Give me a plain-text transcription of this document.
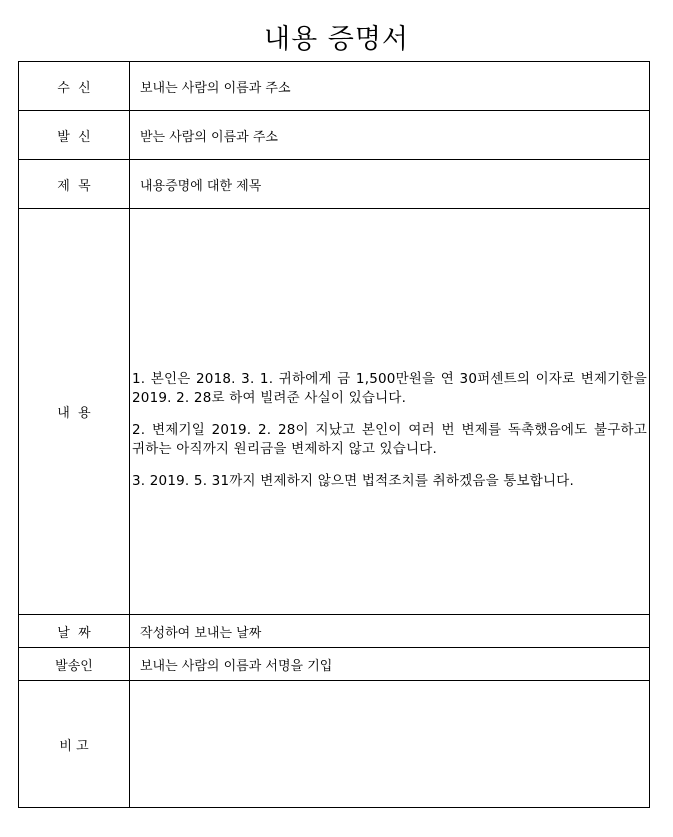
내용 증명서
수  신	보내는 사람의 이름과 주소
발  신	받는 사람의 이름과 주소
제  목	내용증명에 대한 제목
내  용	1. 본인은 2018. 3. 1. 귀하에게 금 1,500만원을 연 30퍼센트의 이자로 변제기한을 2019. 2. 28로 하여 빌려준 사실이 있습니다.

2. 변제기일 2019. 2. 28이 지났고 본인이 여러 번 변제를 독촉했음에도 불구하고 귀하는 아직까지 원리금을 변제하지 않고 있습니다.

3. 2019. 5. 31까지 변제하지 않으면 법적조치를 취하겠음을 통보합니다.

날  짜	작성하여 보내는 날짜
발송인	보내는 사람의 이름과 서명을 기입
비 고	
